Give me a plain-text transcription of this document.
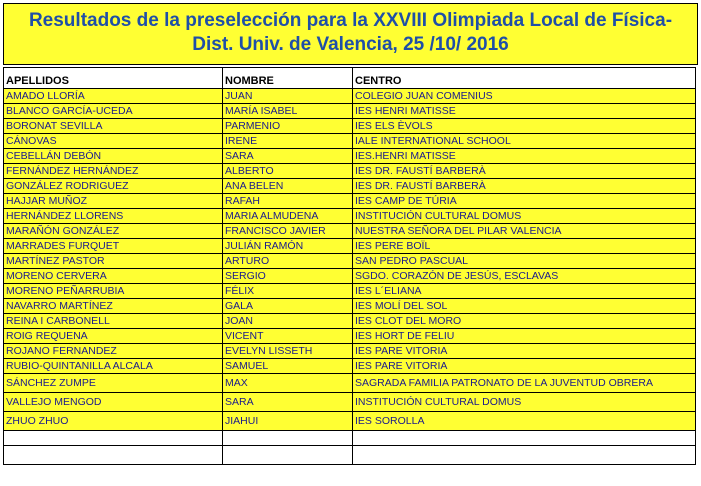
Resultados de la preselección para la XXVIII Olimpiada Local de Física-
Dist. Univ. de Valencia, 25 /10/ 2016
APELLIDOS	NOMBRE	CENTRO
AMADO LLORÍA	JUAN	COLEGIO JUAN COMENIUS
BLANCO GARCÍA-UCEDA	MARÍA ISABEL	IES HENRI MATISSE
BORONAT SEVILLA	PARMENIO	IES ELS ÈVOLS
CÁNOVAS	IRENE	IALE INTERNATIONAL SCHOOL
CEBELLÁN DEBÓN	SARA	IES.HENRI MATISSE
FERNÁNDEZ HERNÁNDEZ	ALBERTO	IES DR. FAUSTÍ BARBERÀ
GONZÁLEZ RODRIGUEZ	ANA BELEN	IES DR. FAUSTÍ BARBERÀ
HAJJAR MUÑOZ	RAFAH	IES CAMP DE TÚRIA
HERNÁNDEZ LLORENS	MARIA ALMUDENA	INSTITUCIÓN CULTURAL DOMUS
MARAÑÓN GONZÁLEZ	FRANCISCO JAVIER	NUESTRA SEÑORA DEL PILAR VALENCIA
MARRADES FURQUET	JULIÁN RAMÓN	IES PERE BOÏL
MARTÍNEZ PASTOR	ARTURO	SAN PEDRO PASCUAL
MORENO CERVERA	SERGIO	SGDO. CORAZÓN DE JESÚS, ESCLAVAS
MORENO PEÑARRUBIA	FÉLIX	IES L´ELIANA
NAVARRO MARTÍNEZ	GALA	IES MOLÍ DEL SOL
REINA I CARBONELL	JOAN	IES CLOT DEL MORO
ROIG REQUENA	VICENT	IES HORT DE FELIU
ROJANO FERNANDEZ	EVELYN LISSETH	IES PARE VITORIA
RUBIO-QUINTANILLA ALCALA	SAMUEL	IES PARE VITORIA
SÁNCHEZ ZUMPE	MAX	SAGRADA FAMILIA PATRONATO DE LA JUVENTUD OBRERA
VALLEJO MENGOD	SARA	INSTITUCIÓN CULTURAL DOMUS
ZHUO ZHUO	JIAHUI	IES SOROLLA
